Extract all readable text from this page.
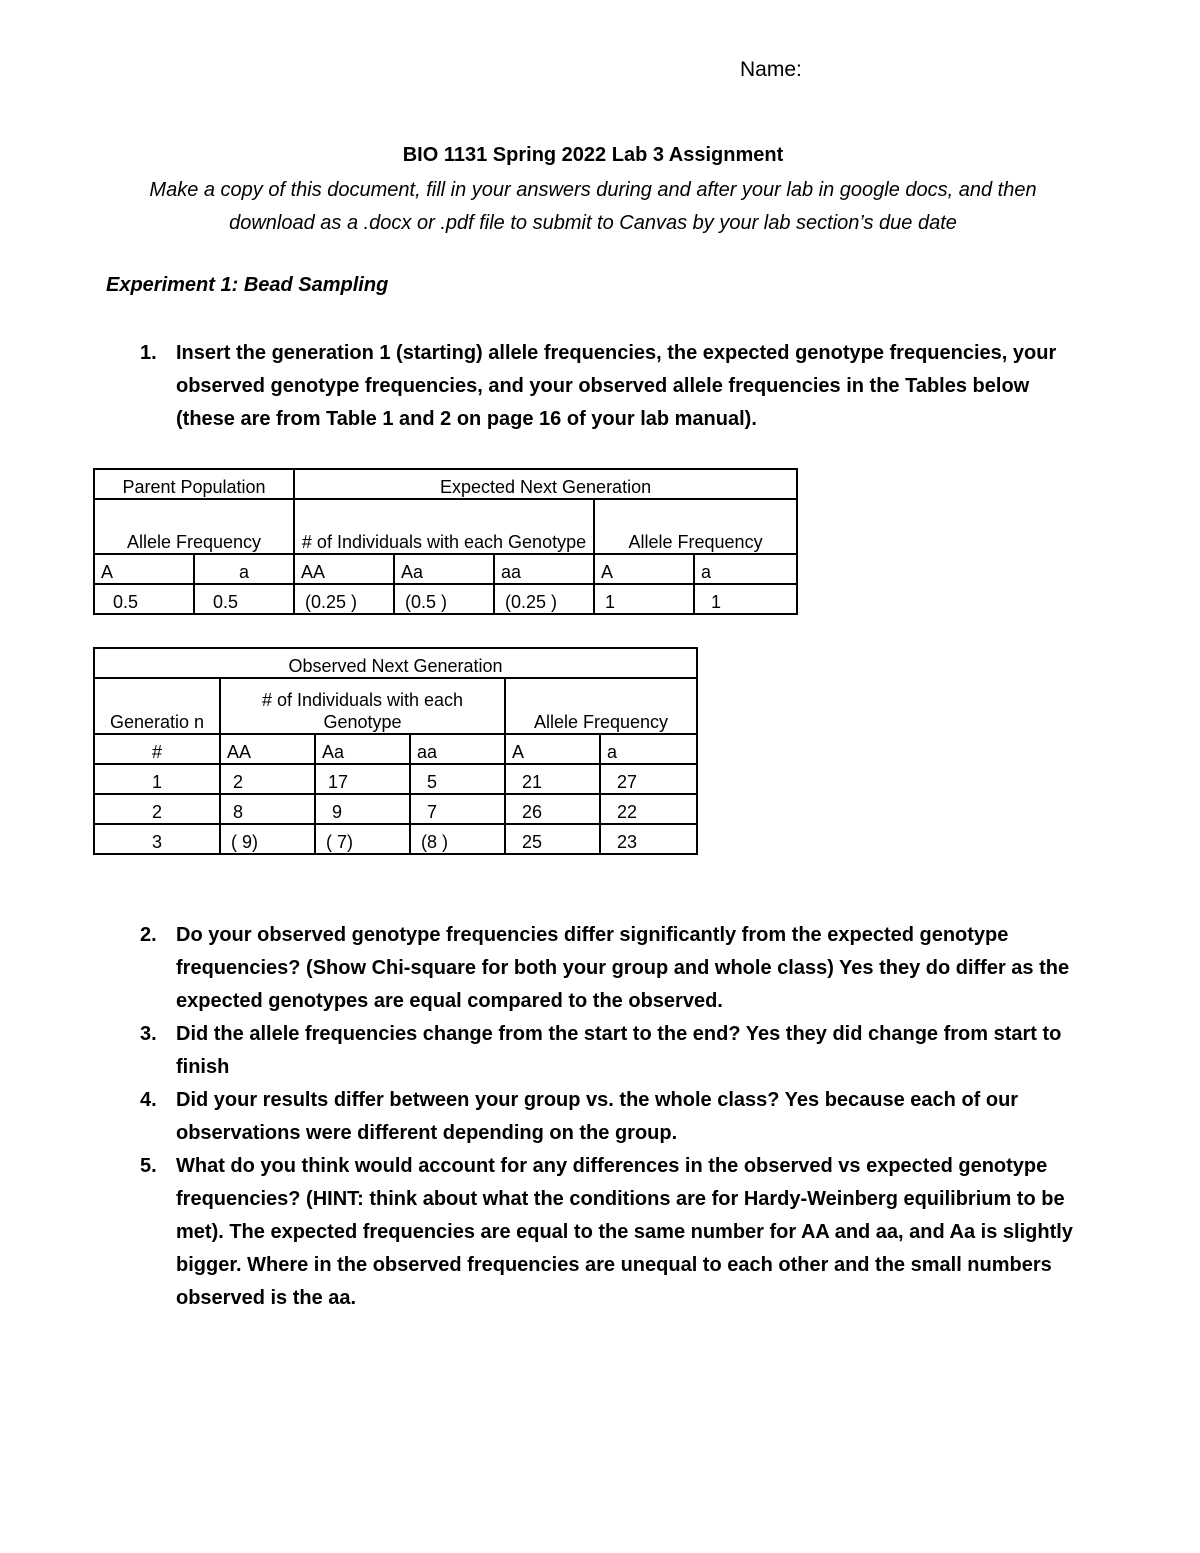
Name:
BIO 1131 Spring 2022 Lab 3 Assignment
Make a copy of this document, fill in your answers during and after your lab in google docs, and then
download as a .docx or .pdf file to submit to Canvas by your lab section’s due date
Experiment 1: Bead Sampling
1. Insert the generation 1 (starting) allele frequencies, the expected genotype frequencies, your observed genotype frequencies, and your observed allele frequencies in the Tables below (these are from Table 1 and 2 on page 16 of your lab manual).
Parent Population		Expected Next Generation				
Allele Frequency		# of Individuals with each Genotype			Allele Frequency	
A	a	AA	Aa	aa	A	a
0.5	0.5	(0.25 )	(0.5 )	(0.25 )	1	1
Observed Next Generation					
Generatio n	# of Individuals with each Genotype			Allele Frequency	
#	AA	Aa	aa	A	a
1	2	17	5	21	27
2	8	9	7	26	22
3	( 9)	( 7)	(8 )	25	23
2. Do your observed genotype frequencies differ significantly from the expected genotype frequencies? (Show Chi-square for both your group and whole class) Yes they do differ as the expected genotypes are equal compared to the observed.
3. Did the allele frequencies change from the start to the end? Yes they did change from start to finish
4. Did your results differ between your group vs. the whole class? Yes because each of our observations were different depending on the group.
5. What do you think would account for any differences in the observed vs expected genotype frequencies? (HINT: think about what the conditions are for Hardy-Weinberg equilibrium to be met). The expected frequencies are equal to the same number for AA and aa, and Aa is slightly bigger. Where in the observed frequencies are unequal to each other and the small numbers observed is the aa.
